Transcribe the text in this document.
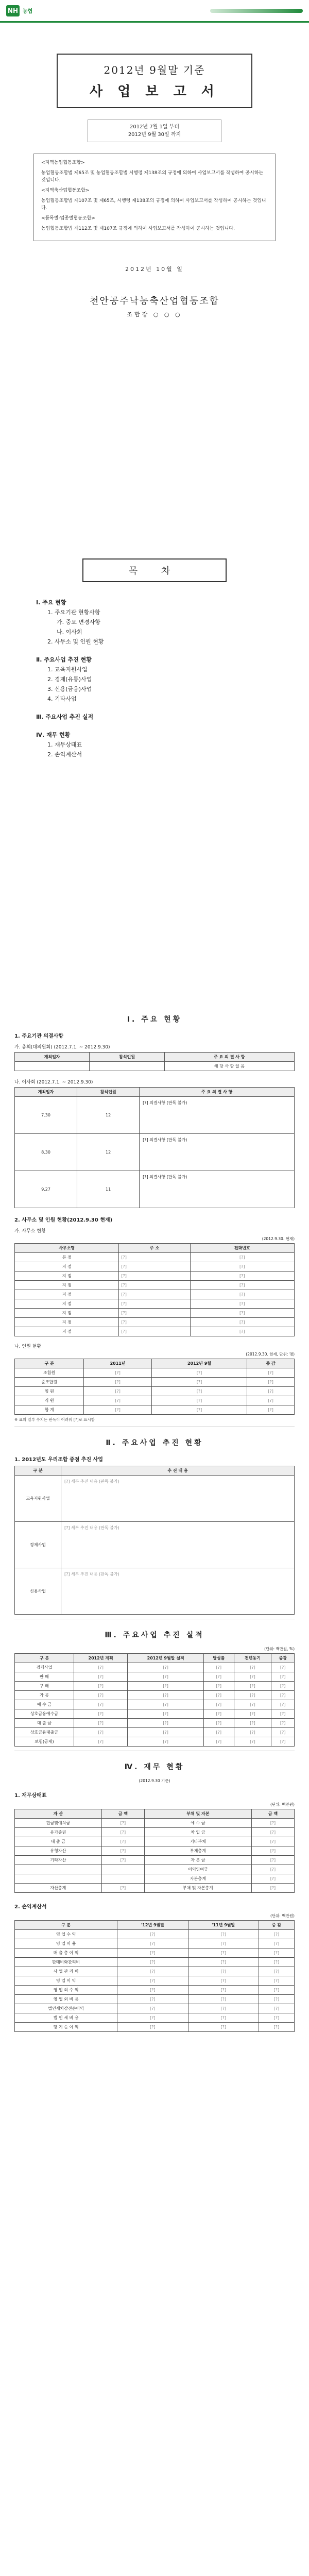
NH 농협
2012년 9월말 기준
사 업 보 고 서
2012년 7월 1일 부터
2012년 9월 30일 까지

<지역농업협동조합>

농업협동조합법 제65조 및 농업협동조합법 시행령 제138조의 규정에 의하여 사업보고서를 작성하여 공시하는 것입니다.

<지역축산업협동조합>

농업협동조합법 제107조 및 제65조, 시행령 제138조의 규정에 의하여 사업보고서를 작성하여 공시하는 것입니다.

<품목별·업종별협동조합>

농업협동조합법 제112조 및 제107조 규정에 의하여 사업보고서를 작성하여 공시하는 것입니다.

2012년 10월 일
천안공주낙농축산업협동조합
조합장 ○ ○ ○
목 차
Ⅰ. 주요 현황
1. 주요기관 현황사항
가. 중요 변경사항
나. 이사회
2. 사무소 및 인원 현황
Ⅱ. 주요사업 추진 현황
1. 교육지원사업
2. 경제(유통)사업
3. 신용(금융)사업
4. 기타사업
Ⅲ. 주요사업 추진 실적
Ⅳ. 재무 현황
1. 재무상태표
2. 손익계산서
Ⅰ. 주요 현황
1. 주요기관 의결사항
가. 총회(대의원회) (2012.7.1. ~ 2012.9.30)
개최일자	참석인원	주 요 의 결 사 항
		해 당 사 항 없 음
나. 이사회 (2012.7.1. ~ 2012.9.30)
개최일자	참석인원	주 요 의 결 사 항
7.30	12	[?] 의결사항 (판독 불가)
8.30	12	[?] 의결사항 (판독 불가)
9.27	11	[?] 의결사항 (판독 불가)
2. 사무소 및 인원 현황(2012.9.30 현재)
가. 사무소 현황
(2012.9.30. 현재)
사무소명	주 소	전화번호
본 점	[?]	[?]
지 점	[?]	[?]
지 점	[?]	[?]
지 점	[?]	[?]
지 점	[?]	[?]
지 점	[?]	[?]
지 점	[?]	[?]
지 점	[?]	[?]
지 점	[?]	[?]
나. 인원 현황
(2012.9.30. 현재, 단위: 명)
구 분	2011년	2012년 9월	증 감
조합원	[?]	[?]	[?]
준조합원	[?]	[?]	[?]
임 원	[?]	[?]	[?]
직 원	[?]	[?]	[?]
합 계	[?]	[?]	[?]
※ 표의 일부 수치는 판독이 어려워 [?]로 표시함
Ⅱ. 주요사업 추진 현황
1. 2012년도 우리조합 중점 추진 사업
구 분	추 진 내 용
교육지원사업	[?] 세부 추진 내용 (판독 불가)
경제사업	[?] 세부 추진 내용 (판독 불가)
신용사업	[?] 세부 추진 내용 (판독 불가)
Ⅲ. 주요사업 추진 실적
(단위: 백만원, %)
구 분	2012년 계획	2012년 9월말 실적	달성률	전년동기	증감
경제사업	[?]	[?]	[?]	[?]	[?]
판 매	[?]	[?]	[?]	[?]	[?]
구 매	[?]	[?]	[?]	[?]	[?]
가 공	[?]	[?]	[?]	[?]	[?]
예 수 금	[?]	[?]	[?]	[?]	[?]
상호금융예수금	[?]	[?]	[?]	[?]	[?]
대 출 금	[?]	[?]	[?]	[?]	[?]
상호금융대출금	[?]	[?]	[?]	[?]	[?]
보험(공제)	[?]	[?]	[?]	[?]	[?]
Ⅳ. 재무 현황
(2012.9.30 기준)
1. 재무상태표
(단위: 백만원)
자 산	금 액	부채 및 자본	금 액
현금및예치금	[?]	예 수 금	[?]
유가증권	[?]	차 입 금	[?]
대 출 금	[?]	기타부채	[?]
유형자산	[?]	부채총계	[?]
기타자산	[?]	자 본 금	[?]
		이익잉여금	[?]
		자본총계	[?]
자산총계	[?]	부채 및 자본총계	[?]
2. 손익계산서
(단위: 백만원)
구 분	'12년 9월말	'11년 9월말	증 감
영 업 수 익	[?]	[?]	[?]
영 업 비 용	[?]	[?]	[?]
매 출 총 이 익	[?]	[?]	[?]
판매비와관리비	[?]	[?]	[?]
사 업 관 리 비	[?]	[?]	[?]
영 업 이 익	[?]	[?]	[?]
영 업 외 수 익	[?]	[?]	[?]
영 업 외 비 용	[?]	[?]	[?]
법인세차감전순이익	[?]	[?]	[?]
법 인 세 비 용	[?]	[?]	[?]
당 기 순 이 익	[?]	[?]	[?]
